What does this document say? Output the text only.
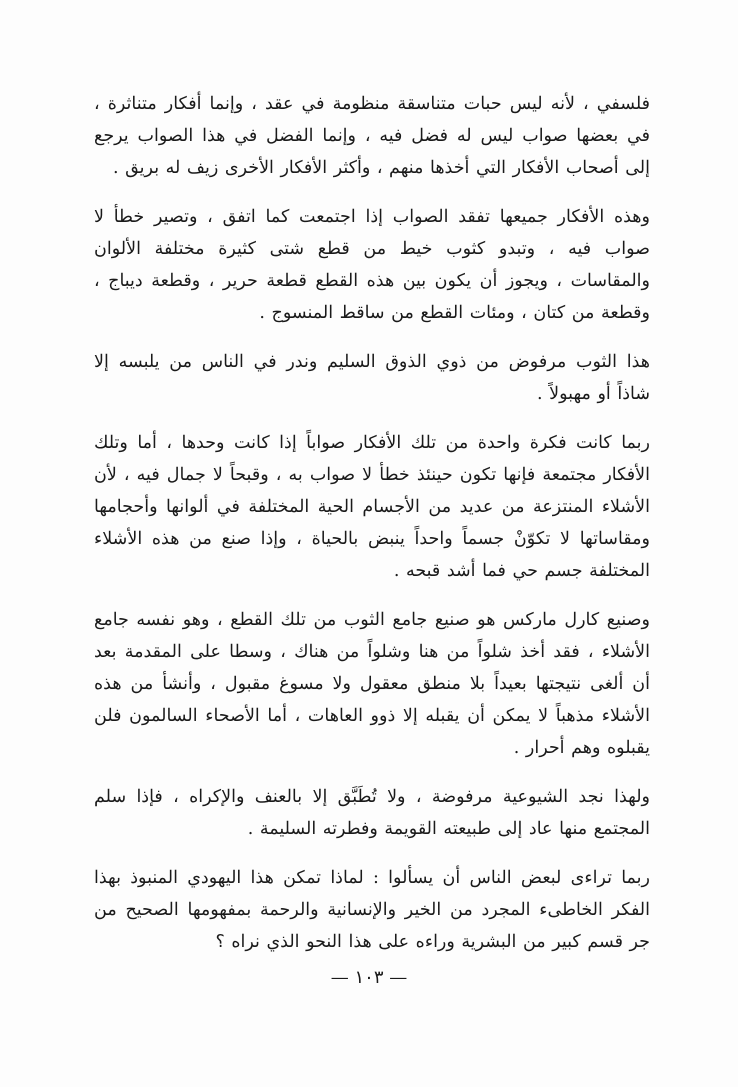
فلسفي ، لأنه ليس حبات متناسقة منظومة في عقد ، وإنما أفكار متناثرة ، في بعضها صواب ليس له فضل فيه ، وإنما الفضل في هذا الصواب يرجع إلى أصحاب الأفكار التي أخذها منهم ، وأكثر الأفكار الأخرى زيف له بريق .

وهذه الأفكار جميعها تفقد الصواب إذا اجتمعت كما اتفق ، وتصير خطأ لا صواب فيه ، وتبدو كثوب خيط من قطع شتى كثيرة مختلفة الألوان والمقاسات ، ويجوز أن يكون بين هذه القطع قطعة حرير ، وقطعة ديباج ، وقطعة من كتان ، ومئات القطع من ساقط المنسوج .

هذا الثوب مرفوض من ذوي الذوق السليم وندر في الناس من يلبسه إلا شاذاً أو مهبولاً .

ربما كانت فكرة واحدة من تلك الأفكار صواباً إذا كانت وحدها ، أما وتلك الأفكار مجتمعة فإنها تكون حينئذ خطأ لا صواب به ، وقبحاً لا جمال فيه ، لأن الأشلاء المنتزعة من عديد من الأجسام الحية المختلفة في ألوانها وأحجامها ومقاساتها لا تكوّنْ جسماً واحداً ينبض بالحياة ، وإذا صنع من هذه الأشلاء المختلفة جسم حي فما أشد قبحه .

وصنيع كارل ماركس هو صنيع جامع الثوب من تلك القطع ، وهو نفسه جامع الأشلاء ، فقد أخذ شلواً من هنا وشلواً من هناك ، وسطا على المقدمة بعد أن ألغى نتيجتها بعيداً بلا منطق معقول ولا مسوغ مقبول ، وأنشأ من هذه الأشلاء مذهباً لا يمكن أن يقبله إلا ذوو العاهات ، أما الأصحاء السالمون فلن يقبلوه وهم أحرار .

ولهذا نجد الشيوعية مرفوضة ، ولا تُطَبَّق إلا بالعنف والإكراه ، فإذا سلم المجتمع منها عاد إلى طبيعته القويمة وفطرته السليمة .

ربما تراءى لبعض الناس أن يسألوا : لماذا تمكن هذا اليهودي المنبوذ بهذا الفكر الخاطىء المجرد من الخير والإنسانية والرحمة بمفهومها الصحيح من جر قسم كبير من البشرية وراءه على هذا النحو الذي نراه ؟

— ١٠٣ —
